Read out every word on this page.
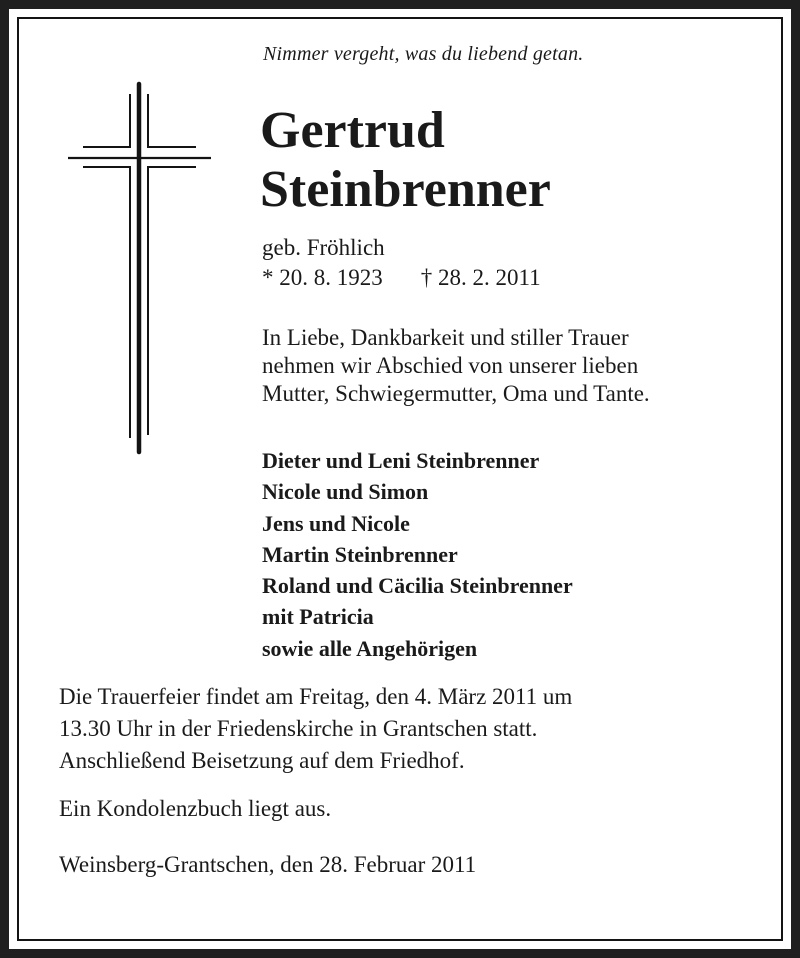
Nimmer vergeht, was du liebend getan.
Gertrud
Steinbrenner
geb. Fröhlich
* 20. 8. 1923 † 28. 2. 2011
In Liebe, Dankbarkeit und stiller Trauer
nehmen wir Abschied von unserer lieben
Mutter, Schwiegermutter, Oma und Tante.
Dieter und Leni Steinbrenner
Nicole und Simon
Jens und Nicole
Martin Steinbrenner
Roland und Cäcilia Steinbrenner
mit Patricia
sowie alle Angehörigen
Die Trauerfeier findet am Freitag, den 4. März 2011 um
13.30 Uhr in der Friedenskirche in Grantschen statt.
Anschließend Beisetzung auf dem Friedhof.
Ein Kondolenzbuch liegt aus.
Weinsberg-Grantschen, den 28. Februar 2011
